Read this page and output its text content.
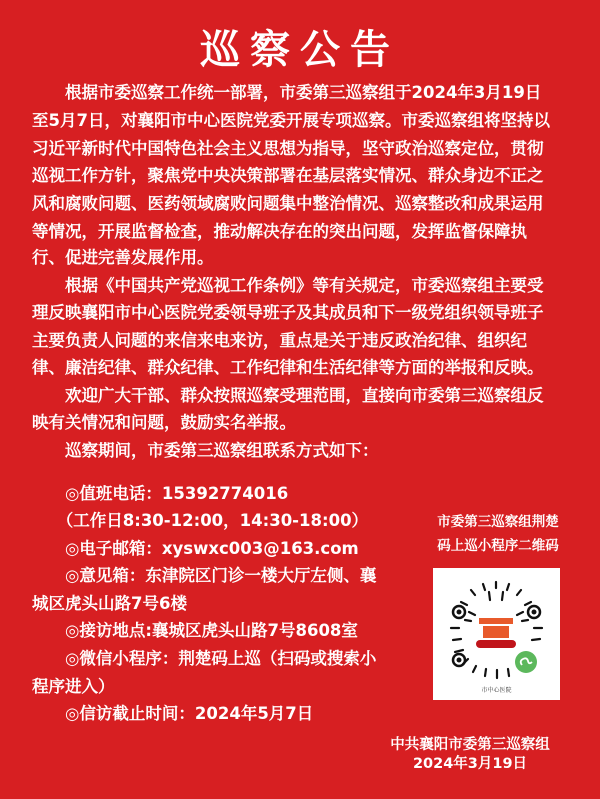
巡察公告
　　根据市委巡察工作统一部署，市委第三巡察组于2024年3月19日
至5月7日，对襄阳市中心医院党委开展专项巡察。市委巡察组将坚持以
习近平新时代中国特色社会主义思想为指导，坚守政治巡察定位，贯彻
巡视工作方针，聚焦党中央决策部署在基层落实情况、群众身边不正之
风和腐败问题、医药领域腐败问题集中整治情况、巡察整改和成果运用
等情况，开展监督检查，推动解决存在的突出问题，发挥监督保障执
行、促进完善发展作用。
　　根据《中国共产党巡视工作条例》等有关规定，市委巡察组主要受
理反映襄阳市中心医院党委领导班子及其成员和下一级党组织领导班子
主要负责人问题的来信来电来访，重点是关于违反政治纪律、组织纪
律、廉洁纪律、群众纪律、工作纪律和生活纪律等方面的举报和反映。
　　欢迎广大干部、群众按照巡察受理范围，直接向市委第三巡察组反
映有关情况和问题，鼓励实名举报。
　　巡察期间，市委第三巡察组联系方式如下：
　　◎值班电话：15392774016
　　（工作日8:30-12:00，14:30-18:00）
　　◎电子邮箱：xyswxc003@163.com
　　◎意见箱：东津院区门诊一楼大厅左侧、襄
城区虎头山路7号6楼
　　◎接访地点:襄城区虎头山路7号8608室
　　◎微信小程序：荆楚码上巡（扫码或搜索小
程序进入）
　　◎信访截止时间：2024年5月7日
市委第三巡察组荆楚
码上巡小程序二维码
市中心医院
中共襄阳市委第三巡察组
2024年3月19日
